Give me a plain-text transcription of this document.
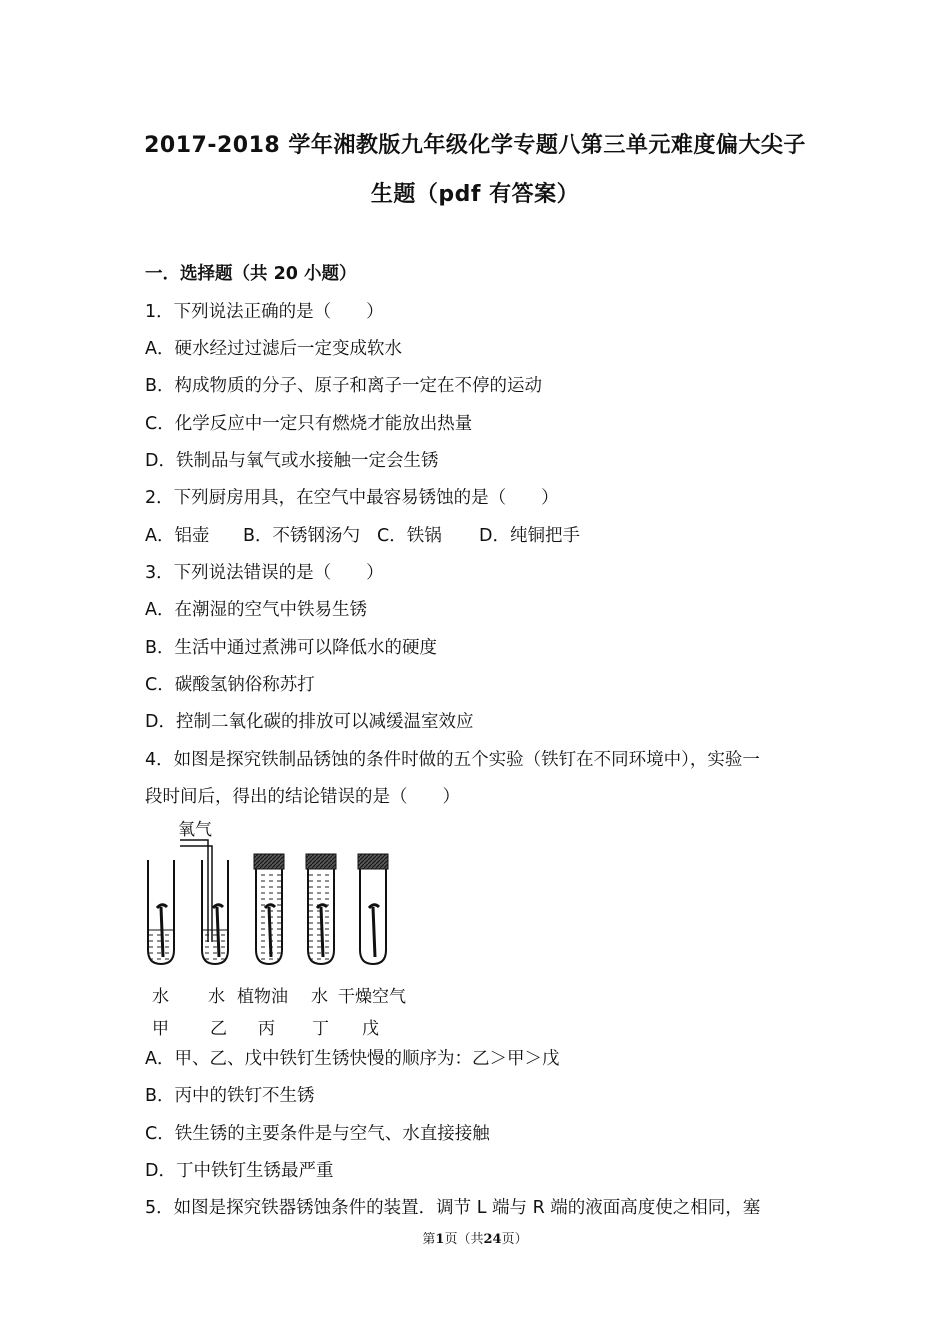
2017-2018 学年湘教版九年级化学专题八第三单元难度偏大尖子
生题（pdf 有答案）
一．选择题（共 20 小题）
1．下列说法正确的是（　　）
A．硬水经过过滤后一定变成软水
B．构成物质的分子、原子和离子一定在不停的运动
C．化学反应中一定只有燃烧才能放出热量
D．铁制品与氧气或水接触一定会生锈
2．下列厨房用具，在空气中最容易锈蚀的是（　　）
A．铝壶 B．不锈钢汤勺 C．铁锅 D．纯铜把手
3．下列说法错误的是（　　）
A．在潮湿的空气中铁易生锈
B．生活中通过煮沸可以降低水的硬度
C．碳酸氢钠俗称苏打
D．控制二氧化碳的排放可以减缓温室效应
4．如图是探究铁制品锈蚀的条件时做的五个实验（铁钉在不同环境中），实验一
段时间后，得出的结论错误的是（　　）
氧气
水 水 植物油 水 干燥空气
甲 乙 丙 丁 戊
A．甲、乙、戊中铁钉生锈快慢的顺序为：乙＞甲＞戊
B．丙中的铁钉不生锈
C．铁生锈的主要条件是与空气、水直接接触
D．丁中铁钉生锈最严重
5．如图是探究铁器锈蚀条件的装置．调节 L 端与 R 端的液面高度使之相同，塞
第1页（共24页）
